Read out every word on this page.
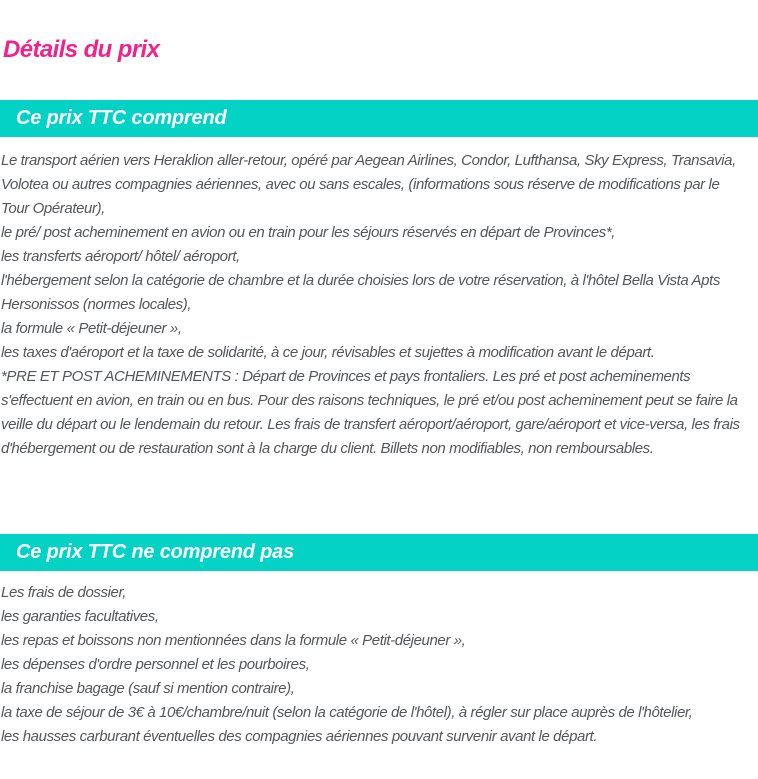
Détails du prix
Ce prix TTC comprend

Le transport aérien vers Heraklion aller-retour, opéré par Aegean Airlines, Condor, Lufthansa, Sky Express, Transavia, Volotea ou autres compagnies aériennes, avec ou sans escales, (informations sous réserve de modifications par le Tour Opérateur),

le pré/ post acheminement en avion ou en train pour les séjours réservés en départ de Provinces*,

les transferts aéroport/ hôtel/ aéroport,

l'hébergement selon la catégorie de chambre et la durée choisies lors de votre réservation, à l'hôtel Bella Vista Apts Hersonissos (normes locales),

la formule « Petit-déjeuner »,

les taxes d'aéroport et la taxe de solidarité, à ce jour, révisables et sujettes à modification avant le départ.

*PRE ET POST ACHEMINEMENTS : Départ de Provinces et pays frontaliers. Les pré et post acheminements s'effectuent en avion, en train ou en bus. Pour des raisons techniques, le pré et/ou post acheminement peut se faire la veille du départ ou le lendemain du retour. Les frais de transfert aéroport/aéroport, gare/aéroport et vice-versa, les frais d'hébergement ou de restauration sont à la charge du client. Billets non modifiables, non remboursables.

Ce prix TTC ne comprend pas

Les frais de dossier,

les garanties facultatives,

les repas et boissons non mentionnées dans la formule « Petit-déjeuner »,

les dépenses d'ordre personnel et les pourboires,

la franchise bagage (sauf si mention contraire),

la taxe de séjour de 3€ à 10€/chambre/nuit (selon la catégorie de l'hôtel), à régler sur place auprès de l'hôtelier,

les hausses carburant éventuelles des compagnies aériennes pouvant survenir avant le départ.
